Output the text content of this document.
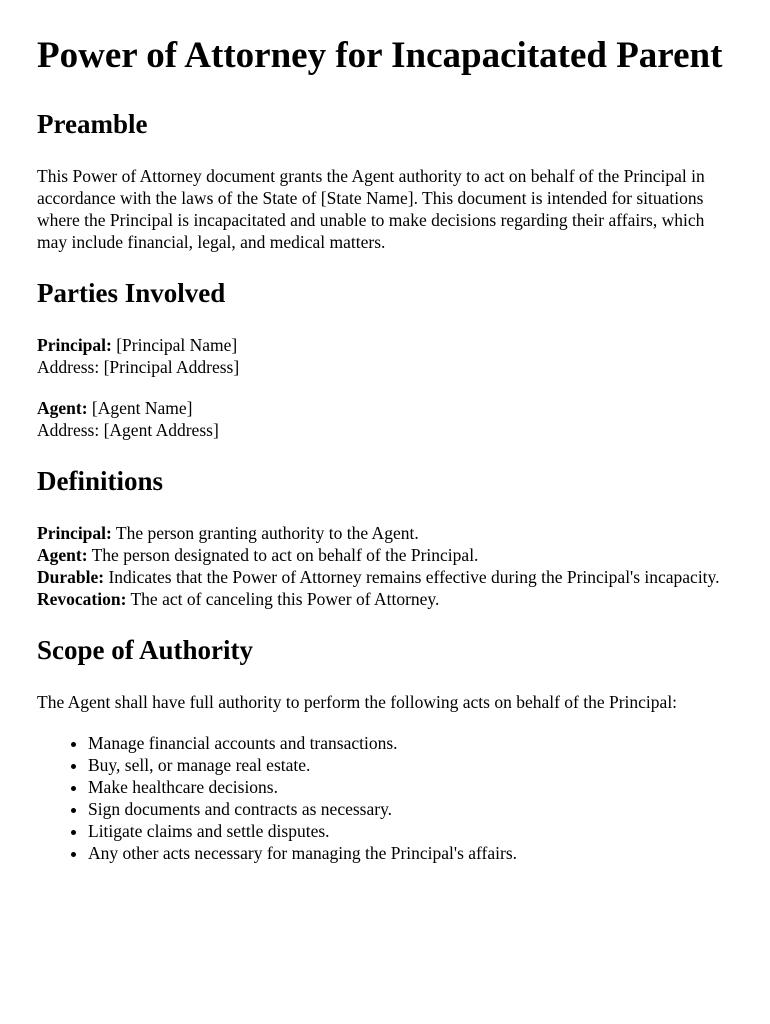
Power of Attorney for Incapacitated Parent
Preamble

This Power of Attorney document grants the Agent authority to act on behalf of the Principal in accordance with the laws of the State of [State Name]. This document is intended for situations where the Principal is incapacitated and unable to make decisions regarding their affairs, which may include financial, legal, and medical matters.

Parties Involved

Principal: [Principal Name]
Address: [Principal Address]

Agent: [Agent Name]
Address: [Agent Address]

Definitions

Principal: The person granting authority to the Agent.
Agent: The person designated to act on behalf of the Principal.
Durable: Indicates that the Power of Attorney remains effective during the Principal's incapacity.
Revocation: The act of canceling this Power of Attorney.

Scope of Authority

The Agent shall have full authority to perform the following acts on behalf of the Principal:

• Manage financial accounts and transactions.
• Buy, sell, or manage real estate.
• Make healthcare decisions.
• Sign documents and contracts as necessary.
• Litigate claims and settle disputes.
• Any other acts necessary for managing the Principal's affairs.
